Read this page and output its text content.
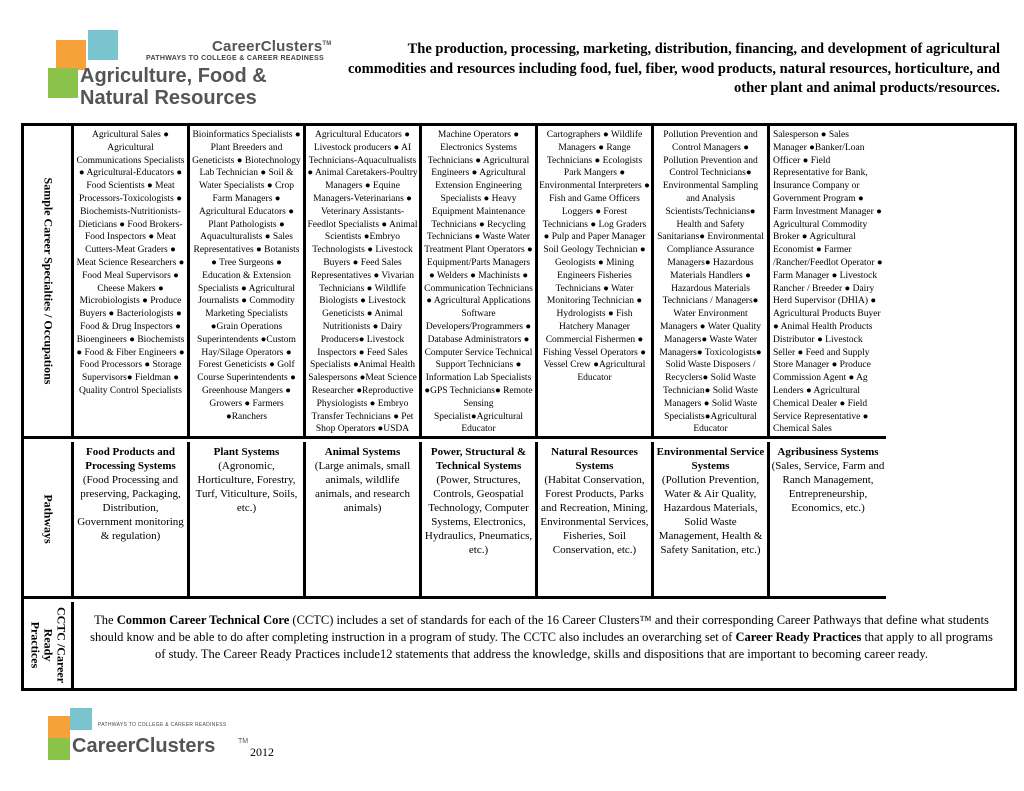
CareerClusters™
PATHWAYS TO COLLEGE & CAREER READINESS
Agriculture, Food &
Natural Resources
The production, processing, marketing, distribution, financing, and development of agricultural commodities and resources including food, fuel, fiber, wood products, natural resources, horticulture, and other plant and animal products/resources.
Sample Career Specialties / Occupations
Agricultural Sales ● Agricultural Communications Specialists ● Agricultural-Educators ● Food Scientists ● Meat Processors-Toxicologists ● Biochemists-Nutritionists-Dieticians ● Food Brokers-Food Inspectors ● Meat Cutters-Meat Graders ● Meat Science Researchers ● Food Meal Supervisors ● Cheese Makers ● Microbiologists ● Produce Buyers ● Bacteriologists ● Food & Drug Inspectors ● Bioengineers ● Biochemists ● Food & Fiber Engineers ● Food Processors ● Storage Supervisors● Fieldman ● Quality Control Specialists
Bioinformatics Specialists ● Plant Breeders and Geneticists ● Biotechnology Lab Technician ● Soil & Water Specialists ● Crop Farm Managers ● Agricultural Educators ● Plant Pathologists ● Aquaculturalists ● Sales Representatives ● Botanists ● Tree Surgeons ● Education & Extension Specialists ● Agricultural Journalists ● Commodity Marketing Specialists ●Grain Operations Superintendents ●Custom Hay/Silage Operators ● Forest Geneticists ● Golf Course Superintendents ● Greenhouse Mangers ● Growers ● Farmers ●Ranchers
Agricultural Educators ● Livestock producers ● AI Technicians-Aquacultualists ● Animal Caretakers-Poultry Managers ● Equine Managers-Veterinarians ● Veterinary Assistants-Feedlot Specialists ● Animal Scientists ●Embryo Technologists ● Livestock Buyers ● Feed Sales Representatives ● Vivarian Technicians ● Wildlife Biologists ● Livestock Geneticists ● Animal Nutritionists ● Dairy Producers● Livestock Inspectors ● Feed Sales Specialists ●Animal Health Salespersons ●Meat Science Researcher ●Reproductive Physiologists ● Embryo Transfer Technicians ● Pet Shop Operators ●USDA
Machine Operators ● Electronics Systems Technicians ● Agricultural Engineers ● Agricultural Extension Engineering Specialists ● Heavy Equipment Maintenance Technicians ● Recycling Technicians ● Waste Water Treatment Plant Operators ● Equipment/Parts Managers ● Welders ● Machinists ● Communication Technicians ● Agricultural Applications Software Developers/Programmers ● Database Administrators ● Computer Service Technical Support Technicians ● Information Lab Specialists ●GPS Technicians● Remote Sensing Specialist●Agricultural Educator
Cartographers ● Wildlife Managers ● Range Technicians ● Ecologists Park Mangers ● Environmental Interpreters ● Fish and Game Officers Loggers ● Forest Technicians ● Log Graders ● Pulp and Paper Manager Soil Geology Technician ● Geologists ● Mining Engineers Fisheries Technicians ● Water Monitoring Technician ● Hydrologists ● Fish Hatchery Manager Commercial Fishermen ● Fishing Vessel Operators ● Vessel Crew ●Agricultural Educator
Pollution Prevention and Control Managers ● Pollution Prevention and Control Technicians● Environmental Sampling and Analysis Scientists/Technicians● Health and Safety Sanitarians● Environmental Compliance Assurance Managers● Hazardous Materials Handlers ● Hazardous Materials Technicians / Managers● Water Environment Managers ● Water Quality Managers● Waste Water Managers● Toxicologists● Solid Waste Disposers / Recyclers● Solid Waste Technician● Solid Waste Managers ● Solid Waste Specialists●Agricultural Educator
Salesperson ● Sales Manager ●Banker/Loan Officer ● Field Representative for Bank, Insurance Company or Government Program ● Farm Investment Manager ● Agricultural Commodity Broker ● Agricultural Economist ● Farmer /Rancher/Feedlot Operator ● Farm Manager ● Livestock Rancher / Breeder ● Dairy Herd Supervisor (DHIA) ● Agricultural Products Buyer ● Animal Health Products Distributor ● Livestock Seller ● Feed and Supply Store Manager ● Produce Commission Agent ● Ag Lenders ● Agricultural Chemical Dealer ● Field Service Representative ● Chemical Sales
Pathways
Food Products and Processing Systems
(Food Processing and preserving, Packaging, Distribution, Government monitoring & regulation)
Plant Systems
(Agronomic, Horticulture, Forestry, Turf, Viticulture, Soils, etc.)
Animal Systems
(Large animals, small animals, wildlife animals, and research animals)
Power, Structural & Technical Systems
(Power, Structures, Controls, Geospatial Technology, Computer Systems, Electronics, Hydraulics, Pneumatics, etc.)
Natural Resources Systems
(Habitat Conservation, Forest Products, Parks and Recreation, Mining, Environmental Services, Fisheries, Soil Conservation, etc.)
Environmental Service Systems
(Pollution Prevention, Water & Air Quality, Hazardous Materials, Solid Waste Management, Health & Safety Sanitation, etc.)
Agribusiness Systems
(Sales, Service, Farm and Ranch Management, Entrepreneurship, Economics, etc.)
CCTC /Career Ready Practices
The Common Career Technical Core (CCTC) includes a set of standards for each of the 16 Career Clusters™ and their corresponding Career Pathways that define what students should know and be able to do after completing instruction in a program of study. The CCTC also includes an overarching set of Career Ready Practices that apply to all programs of study. The Career Ready Practices include12 statements that address the knowledge, skills and dispositions that are important to becoming career ready.
PATHWAYS TO COLLEGE & CAREER READINESS
CareerClusters	TM
2012
